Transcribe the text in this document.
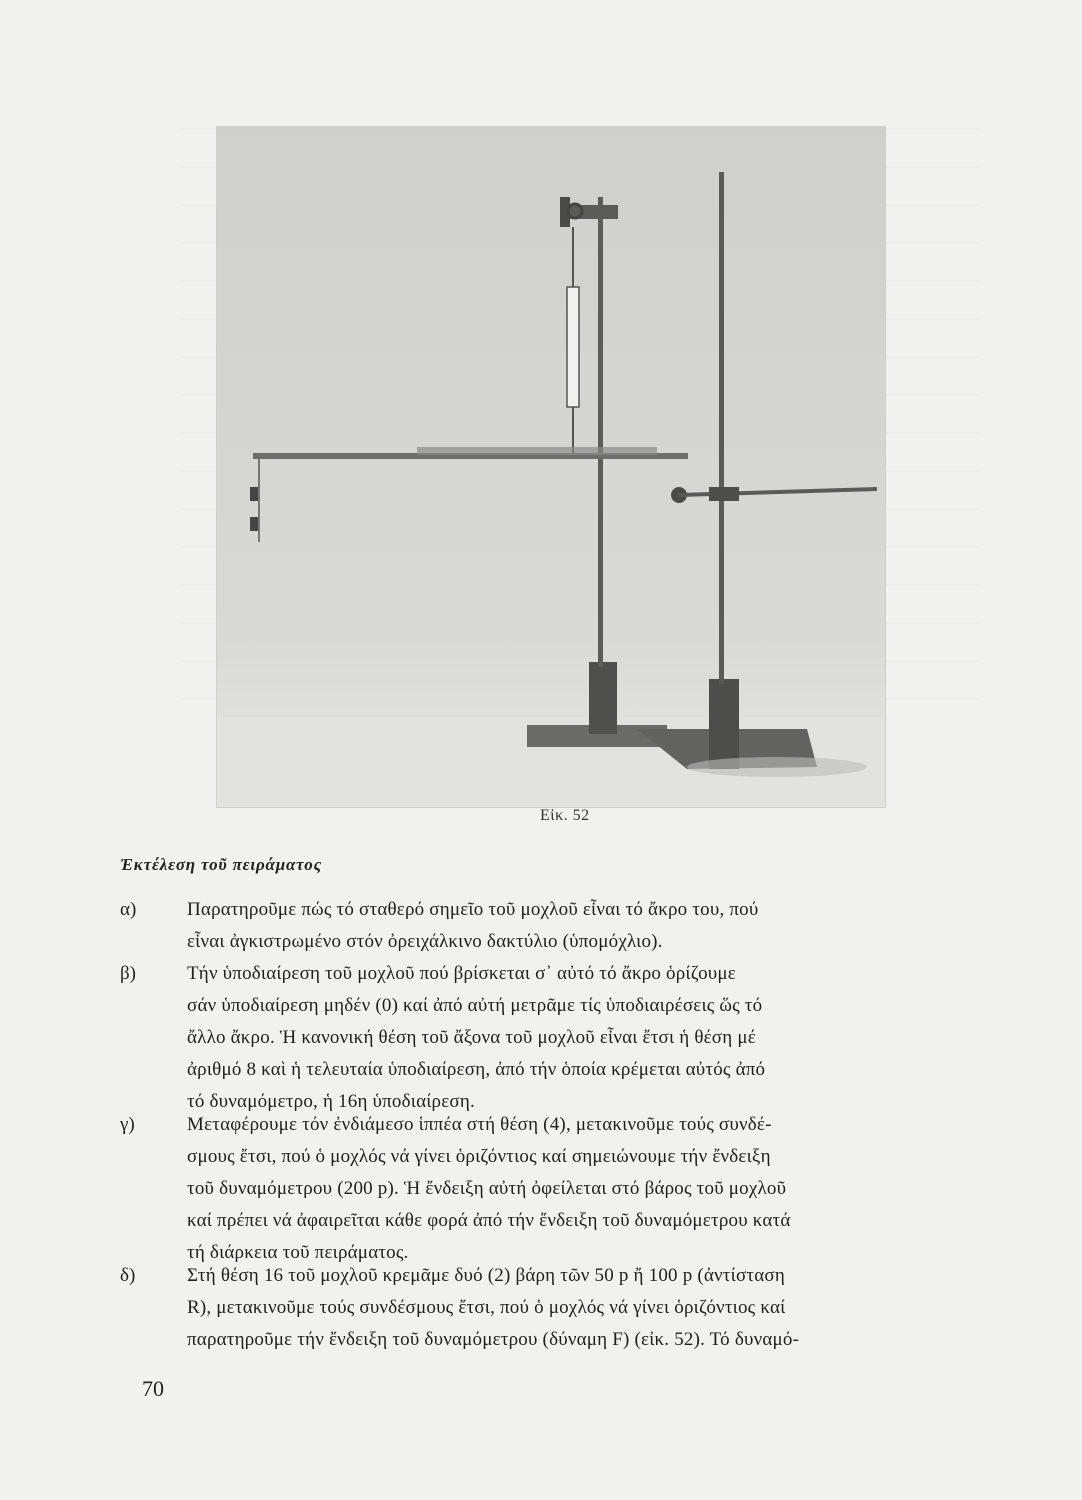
Εἰκ. 52
Ἐκτέλεση τοῦ πειράματος
α)	Παρατηροῦμε πώς τό σταθερό σημεῖο τοῦ μοχλοῦ εἶναι τό ἄκρο του, πού
εἶναι ἀγκιστρωμένο στόν ὀρειχάλκινο δακτύλιο (ὑπομόχλιο).
β)	Τήν ὑποδιαίρεση τοῦ μοχλοῦ πού βρίσκεται σ᾿ αὐτό τό ἄκρο ὁρίζουμε
σάν ὑποδιαίρεση μηδέν (0) καί ἀπό αὐτή μετρᾶμε τίς ὑποδιαιρέσεις ὥς τό
ἄλλο ἄκρο. Ἡ κανονική θέση τοῦ ἄξονα τοῦ μοχλοῦ εἶναι ἔτσι ἡ θέση μέ
ἀριθμό 8 καὶ ἡ τελευταία ὑποδιαίρεση, ἀπό τήν ὁποία κρέμεται αὐτός ἀπό
τό δυναμόμετρο, ἡ 16η ὑποδιαίρεση.
γ)	Μεταφέρουμε τόν ἐνδιάμεσο ἱππέα στή θέση (4), μετακινοῦμε τούς συνδέ-
σμους ἔτσι, πού ὁ μοχλός νά γίνει ὁριζόντιος καί σημειώνουμε τήν ἔνδειξη
τοῦ δυναμόμετρου (200 p). Ἡ ἔνδειξη αὐτή ὀφείλεται στό βάρος τοῦ μοχλοῦ
καί πρέπει νά ἀφαιρεῖται κάθε φορά ἀπό τήν ἔνδειξη τοῦ δυναμόμετρου κατά
τή διάρκεια τοῦ πειράματος.
δ)	Στή θέση 16 τοῦ μοχλοῦ κρεμᾶμε δυό (2) βάρη τῶν 50 p ἤ 100 p (ἀντίσταση
R), μετακινοῦμε τούς συνδέσμους ἔτσι, πού ὁ μοχλός νά γίνει ὁριζόντιος καί
παρατηροῦμε τήν ἔνδειξη τοῦ δυναμόμετρου (δύναμη F) (εἰκ. 52). Τό δυναμό-
70
